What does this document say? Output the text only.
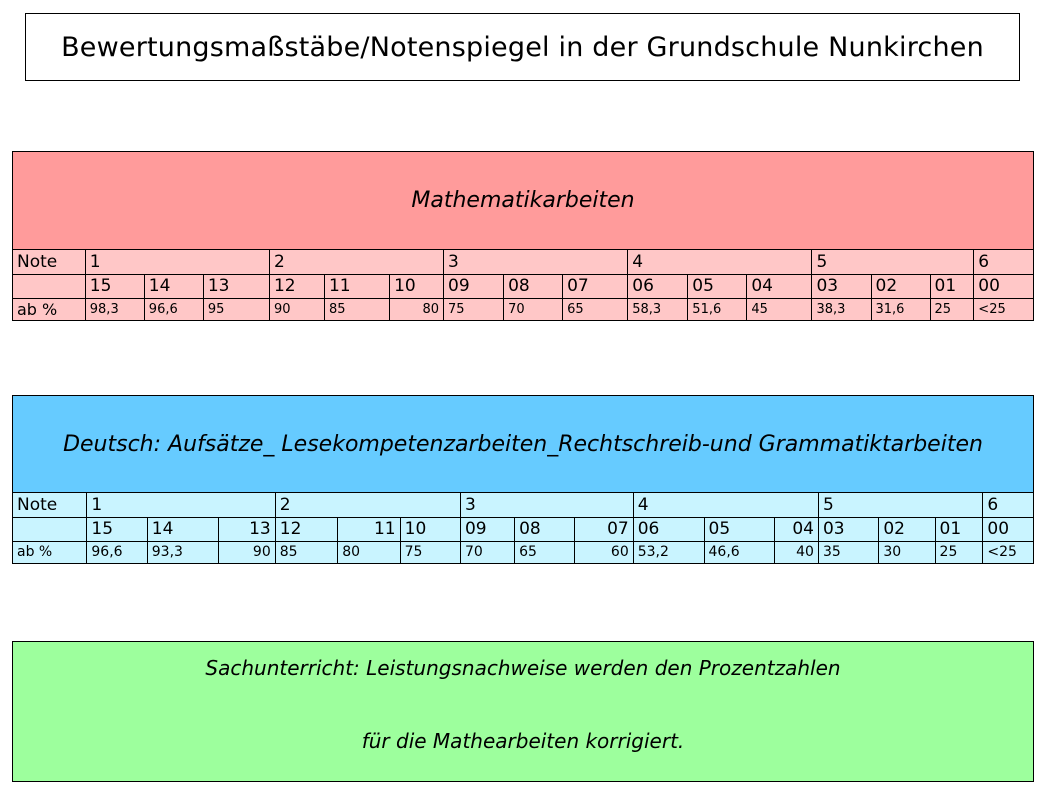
Bewertungsmaßstäbe/Notenspiegel in der Grundschule Nunkirchen
Mathematikarbeiten
Note	1			2			3			4			5			6
	15	14	13	12	11	10	09	08	07	06	05	04	03	02	01	00
ab %	98,3	96,6	95	90	85	80	75	70	65	58,3	51,6	45	38,3	31,6	25	<25
Deutsch: Aufsätze_ Lesekompetenzarbeiten_Rechtschreib-und Grammatiktarbeiten
Note	1			2			3			4			5			6
	15	14	13	12	11	10	09	08	07	06	05	04	03	02	01	00
ab %	96,6	93,3	90	85	80	75	70	65	60	53,2	46,6	40	35	30	25	<25
Sachunterricht: Leistungsnachweise werden den Prozentzahlen
für die Mathearbeiten korrigiert.
